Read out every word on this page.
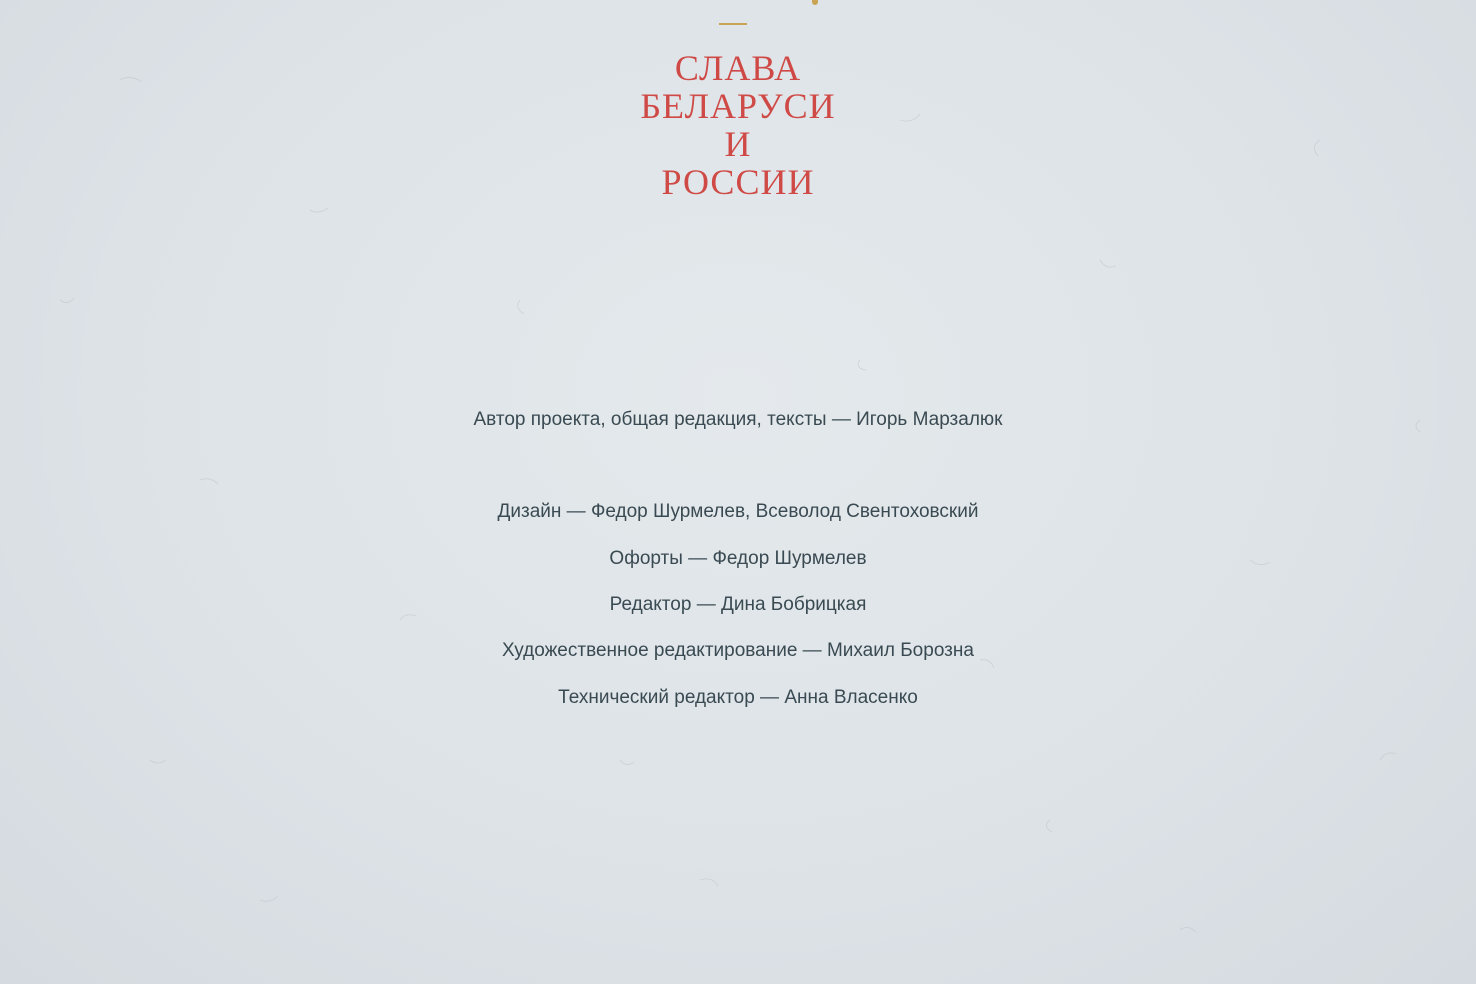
СЛАВА
БЕЛАРУСИ
И
РОССИИ
Автор проекта, общая редакция, тексты — Игорь Марзалюк
Дизайн — Федор Шурмелев, Всеволод Свентоховский
Офорты — Федор Шурмелев
Редактор — Дина Бобрицкая
Художественное редактирование — Михаил Борозна
Технический редактор — Анна Власенко
